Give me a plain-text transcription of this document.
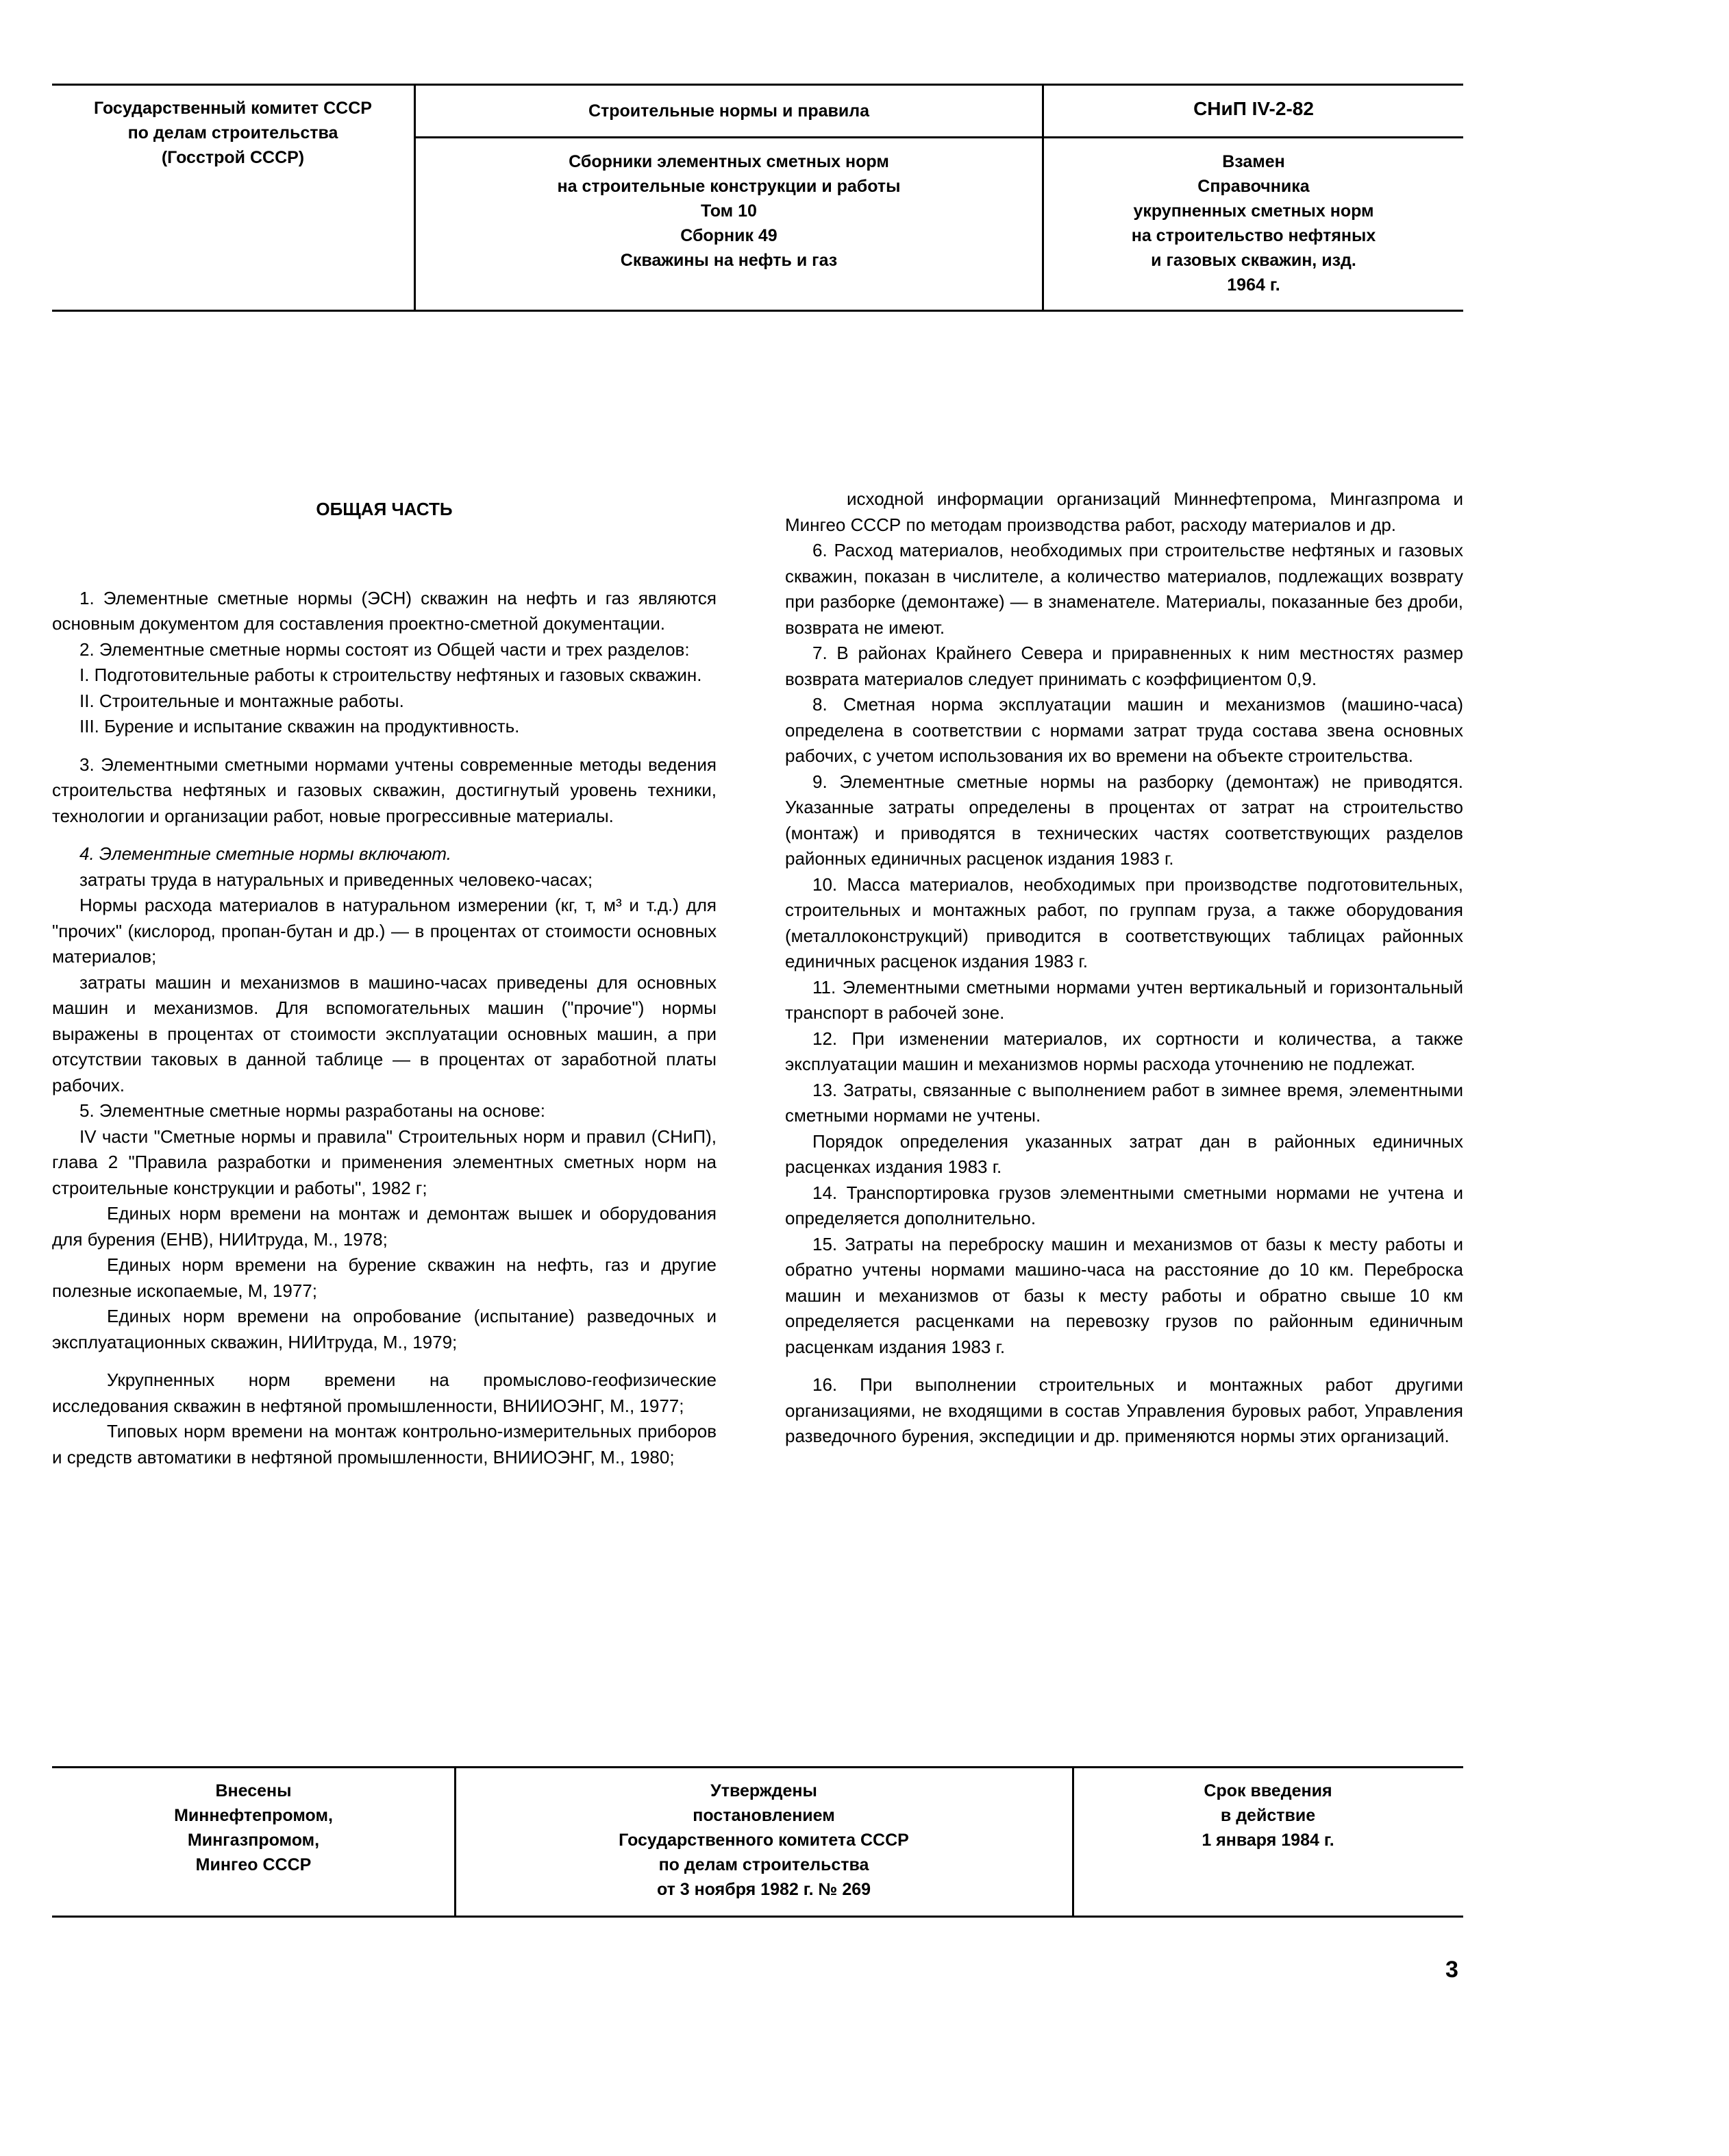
Государственный комитет СССР
по делам строительства
(Госстрой СССР)
Строительные нормы и правила	СНиП IV-2-82
Сборники элементных сметных норм
на строительные конструкции и работы
Том 10
Сборник 49
Скважины на нефть и газ
Взамен
Справочника
укрупненных сметных норм
на строительство нефтяных
и газовых скважин, изд.
1964 г.

ОБЩАЯ ЧАСТЬ

1. Элементные сметные нормы (ЭСН) скважин на нефть и газ являются основным документом для составления проектно-сметной документации.

2. Элементные сметные нормы состоят из Общей части и трех разделов:

I. Подготовительные работы к строительству нефтяных и газовых скважин.

II. Строительные и монтажные работы.

III. Бурение и испытание скважин на продуктивность.

3. Элементными сметными нормами учтены современные методы ведения строительства нефтяных и газовых скважин, достигнутый уровень техники, технологии и организации работ, новые прогрессивные материалы.

4. Элементные сметные нормы включают.

затраты труда в натуральных и приведенных человеко-часах;

Нормы расхода материалов в натуральном измерении (кг, т, м³ и т.д.) для "прочих" (кислород, пропан-бутан и др.) — в процентах от стоимости основных материалов;

затраты машин и механизмов в машино-часах приведены для основных машин и механизмов. Для вспомогательных машин ("прочие") нормы выражены в процентах от стоимости эксплуатации основных машин, а при отсутствии таковых в данной таблице — в процентах от заработной платы рабочих.

5. Элементные сметные нормы разработаны на основе:

IV части "Сметные нормы и правила" Строительных норм и правил (СНиП), глава 2 "Правила разработки и применения элементных сметных норм на строительные конструкции и работы", 1982 г;

Единых норм времени на монтаж и демонтаж вышек и оборудования для бурения (ЕНВ), НИИтруда, М., 1978;

Единых норм времени на бурение скважин на нефть, газ и другие полезные ископаемые, М, 1977;

Единых норм времени на опробование (испытание) разведочных и эксплуатационных скважин, НИИтруда, М., 1979;

Укрупненных норм времени на промыслово-геофизические исследования скважин в нефтяной промышленности, ВНИИОЭНГ, М., 1977;

Типовых норм времени на монтаж контрольно-измерительных приборов и средств автоматики в нефтяной промышленности, ВНИИОЭНГ, М., 1980;

исходной информации организаций Миннефтепрома, Мингазпрома и Мингео СССР по методам производства работ, расходу материалов и др.

6. Расход материалов, необходимых при строительстве нефтяных и газовых скважин, показан в числителе, а количество материалов, подлежащих возврату при разборке (демонтаже) — в знаменателе. Материалы, показанные без дроби, возврата не имеют.

7. В районах Крайнего Севера и приравненных к ним местностях размер возврата материалов следует принимать с коэффициентом 0,9.

8. Сметная норма эксплуатации машин и механизмов (машино-часа) определена в соответствии с нормами затрат труда состава звена основных рабочих, с учетом использования их во времени на объекте строительства.

9. Элементные сметные нормы на разборку (демонтаж) не приводятся. Указанные затраты определены в процентах от затрат на строительство (монтаж) и приводятся в технических частях соответствующих разделов районных единичных расценок издания 1983 г.

10. Масса материалов, необходимых при производстве подготовительных, строительных и монтажных работ, по группам груза, а также оборудования (металлоконструкций) приводится в соответствующих таблицах районных единичных расценок издания 1983 г.

11. Элементными сметными нормами учтен вертикальный и горизонтальный транспорт в рабочей зоне.

12. При изменении материалов, их сортности и количества, а также эксплуатации машин и механизмов нормы расхода уточнению не подлежат.

13. Затраты, связанные с выполнением работ в зимнее время, элементными сметными нормами не учтены.

Порядок определения указанных затрат дан в районных единичных расценках издания 1983 г.

14. Транспортировка грузов элементными сметными нормами не учтена и определяется дополнительно.

15. Затраты на переброску машин и механизмов от базы к месту работы и обратно учтены нормами машино-часа на расстояние до 10 км. Переброска машин и механизмов от базы к месту работы и обратно свыше 10 км определяется расценками на перевозку грузов по районным единичным расценкам издания 1983 г.

16. При выполнении строительных и монтажных работ другими организациями, не входящими в состав Управления буровых работ, Управления разведочного бурения, экспедиции и др. применяются нормы этих организаций.

Внесены
Миннефтепромом,
Мингазпромом,
Мингео СССР
Утверждены
постановлением
Государственного комитета СССР
по делам строительства
от 3 ноября 1982 г. № 269
Срок введения
в действие
1 января 1984 г.
3
